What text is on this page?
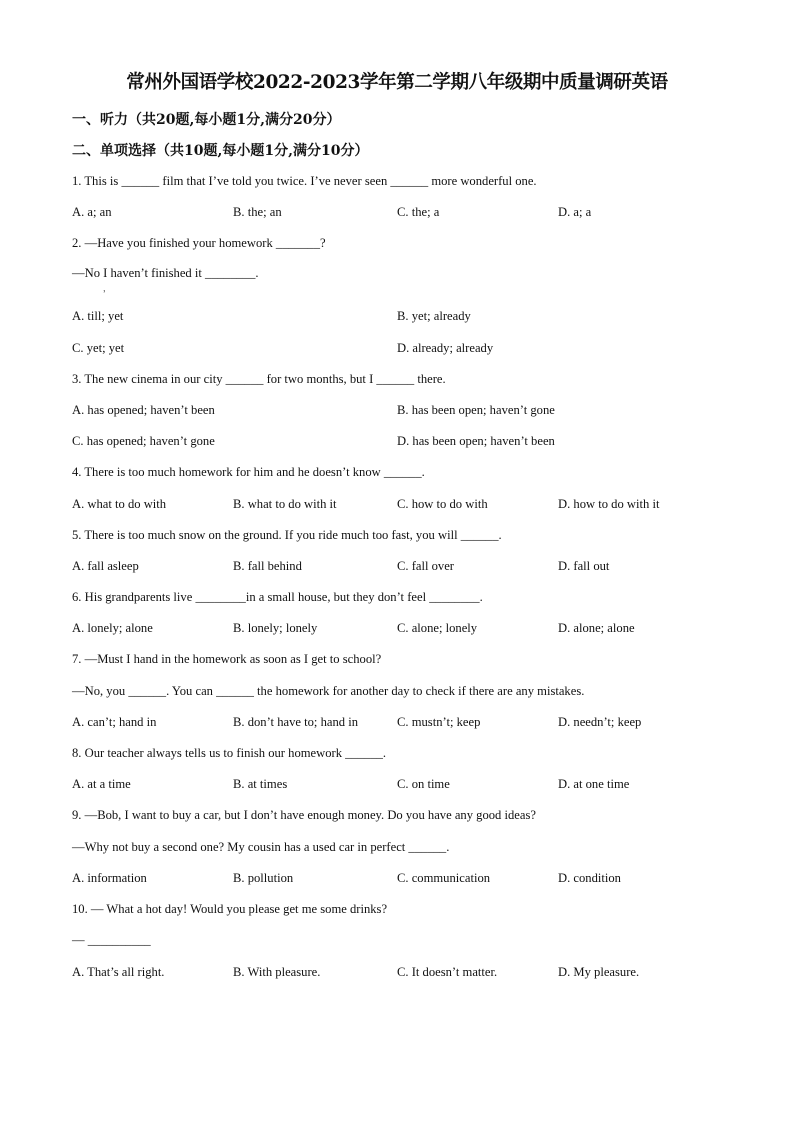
常州外国语学校2022-2023学年第二学期八年级期中质量调研英语
一、听力（共20题,每小题1分,满分20分）
二、单项选择（共10题,每小题1分,满分10分）
1. This is ______ film that I’ve told you twice. I’ve never seen ______ more wonderful one.
A. a; an	B. the; an	C. the; a	D. a; a
2. —Have you finished your homework _______?
—No I haven’t finished it ________.
，
A. till; yet	B. yet; already
C. yet; yet	D. already; already
3. The new cinema in our city ______ for two months, but I ______ there.
A. has opened; haven’t been	B. has been open; haven’t gone
C. has opened; haven’t gone	D. has been open; haven’t been
4. There is too much homework for him and he doesn’t know ______.
A. what to do with	B. what to do with it	C. how to do with	D. how to do with it
5. There is too much snow on the ground. If you ride much too fast, you will ______.
A. fall asleep	B. fall behind	C. fall over	D. fall out
6. His grandparents live ________in a small house, but they don’t feel ________.
A. lonely; alone	B. lonely; lonely	C. alone; lonely	D. alone; alone
7. —Must I hand in the homework as soon as I get to school?
—No, you ______. You can ______ the homework for another day to check if there are any mistakes.
A. can’t; hand in	B. don’t have to; hand in	C. mustn’t; keep	D. needn’t; keep
8. Our teacher always tells us to finish our homework ______.
A. at a time	B. at times	C. on time	D. at one time
9. —Bob, I want to buy a car, but I don’t have enough money. Do you have any good ideas?
—Why not buy a second one? My cousin has a used car in perfect ______.
A. information	B. pollution	C. communication	D. condition
10. — What a hot day! Would you please get me some drinks?
— __________
A. That’s all right.	B. With pleasure.	C. It doesn’t matter.	D. My pleasure.
